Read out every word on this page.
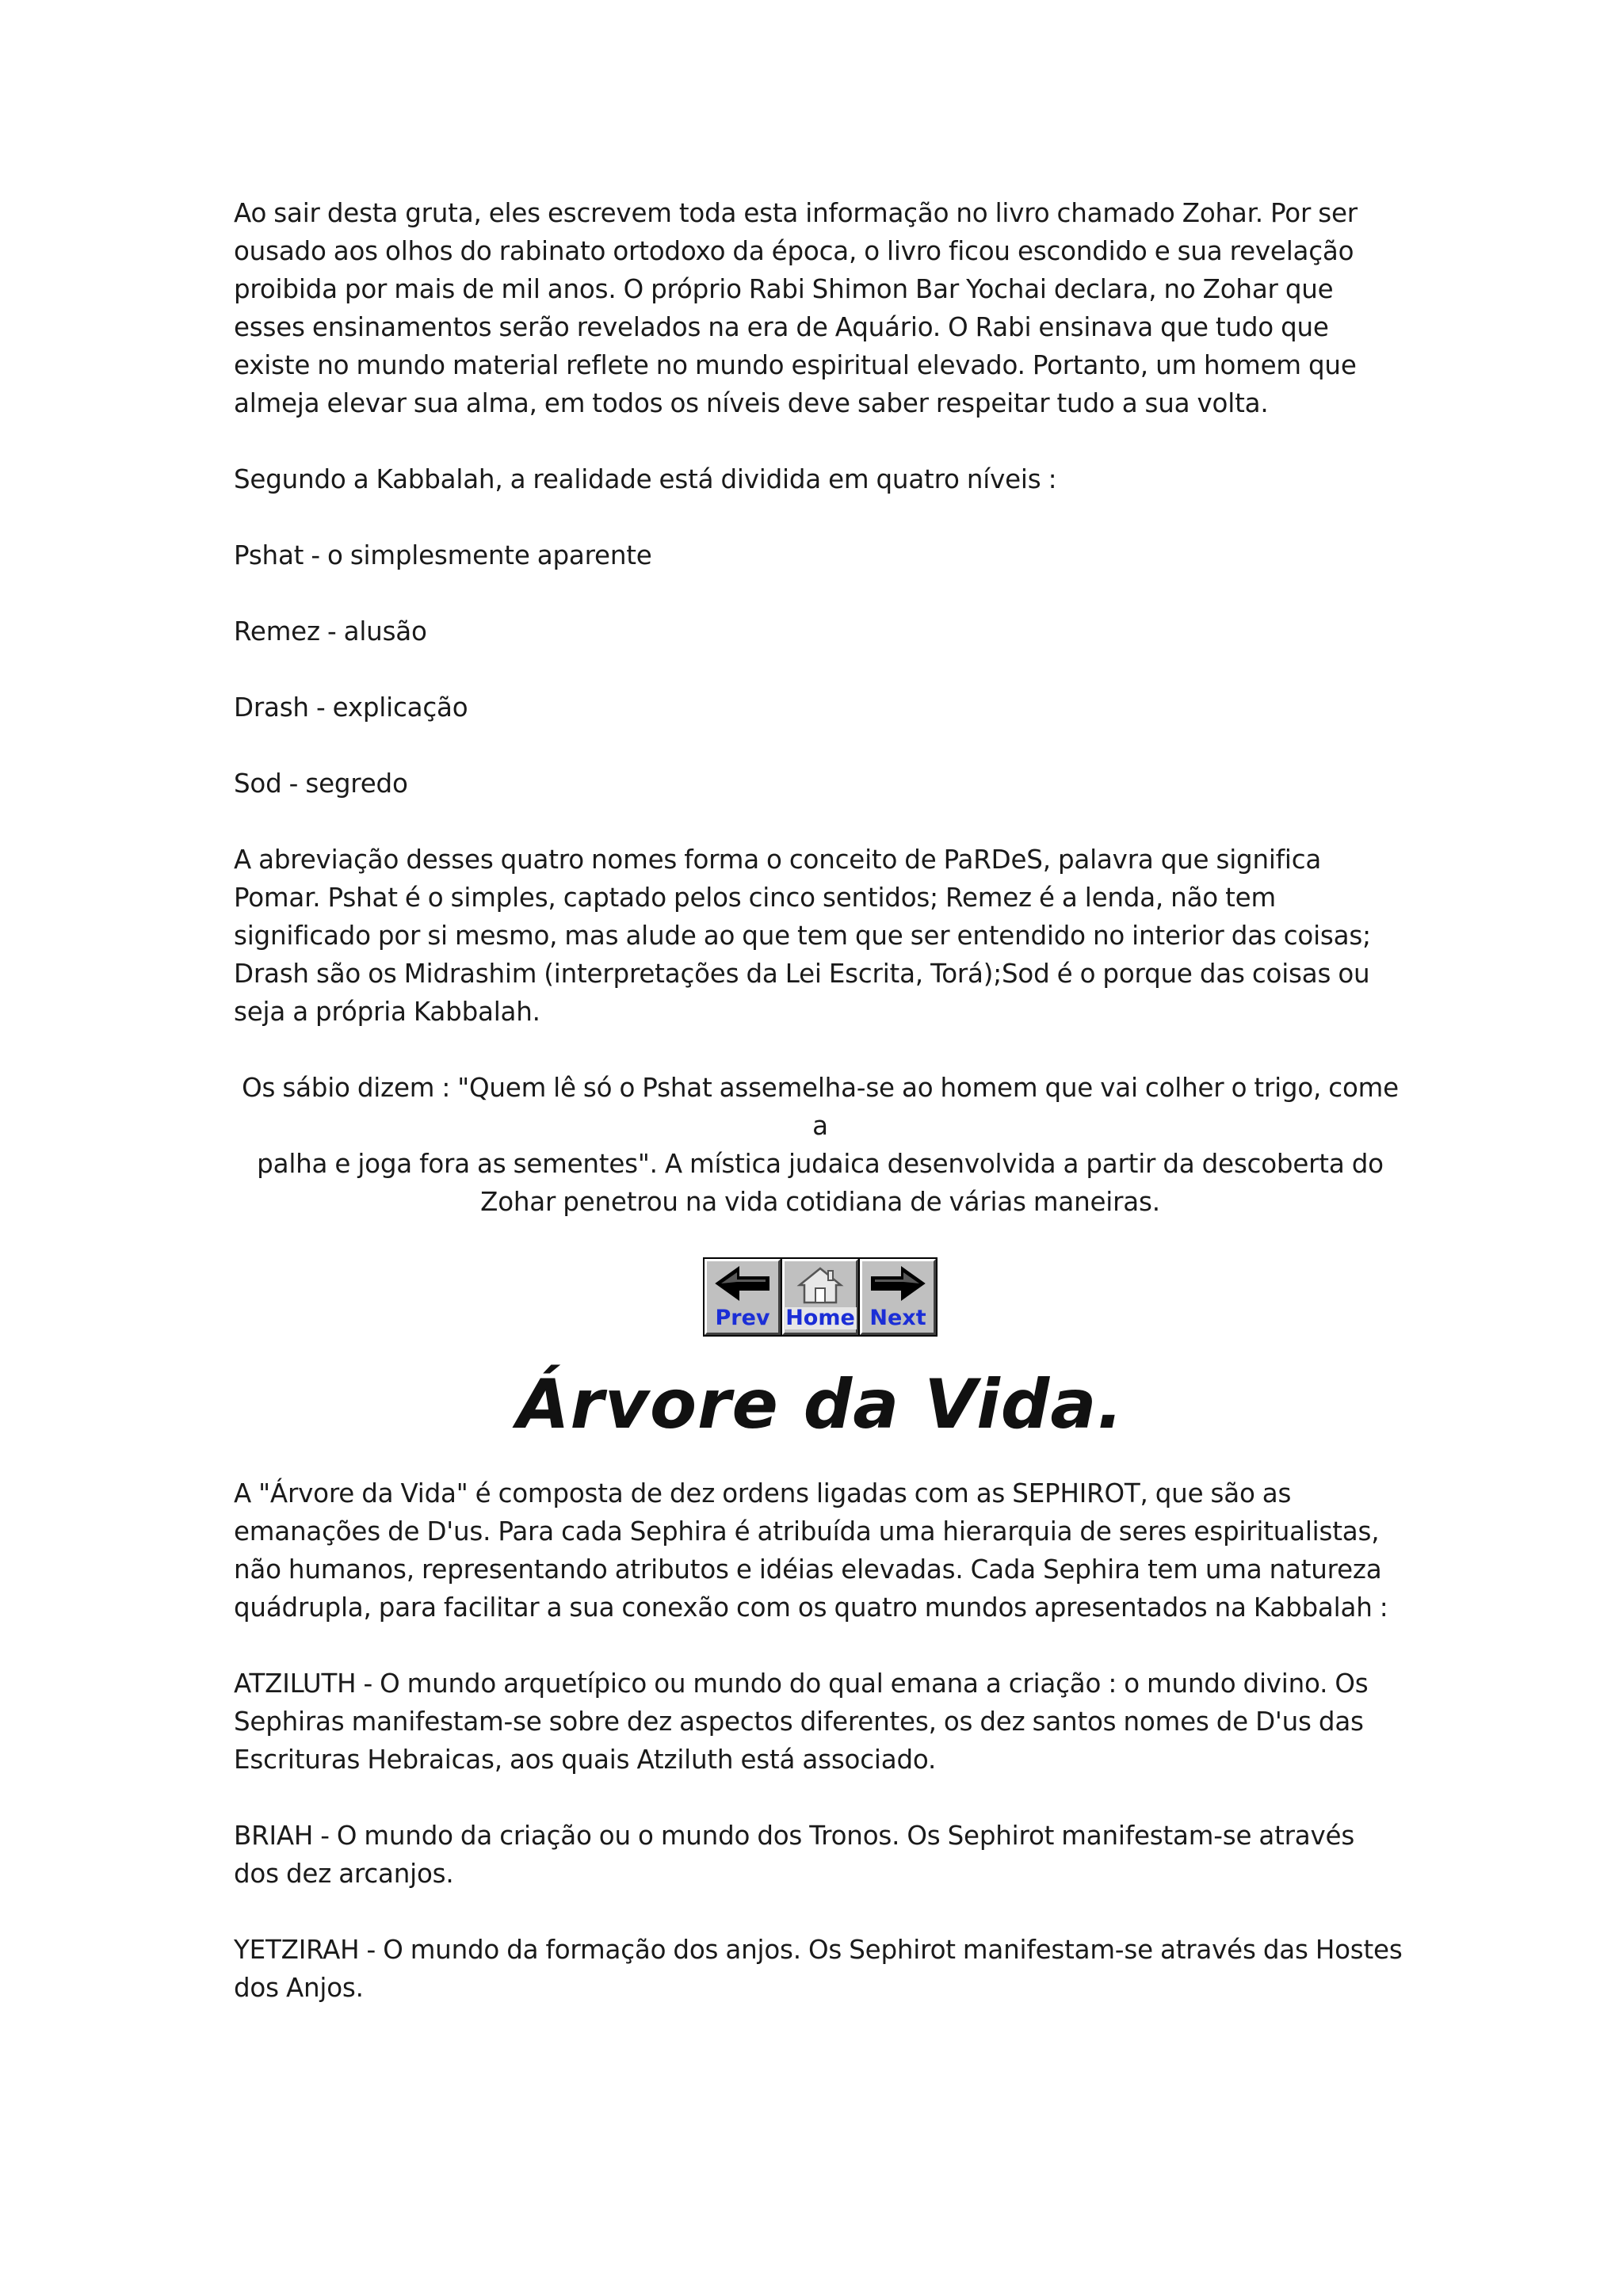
Ao sair desta gruta, eles escrevem toda esta informação no livro chamado Zohar. Por ser ousado aos olhos do rabinato ortodoxo da época, o livro ficou escondido e sua revelação proibida por mais de mil anos. O próprio Rabi Shimon Bar Yochai declara, no Zohar que esses ensinamentos serão revelados na era de Aquário. O Rabi ensinava que tudo que existe no mundo material reflete no mundo espiritual elevado. Portanto, um homem que almeja elevar sua alma, em todos os níveis deve saber respeitar tudo a sua volta.

Segundo a Kabbalah, a realidade está dividida em quatro níveis :

Pshat - o simplesmente aparente

Remez - alusão

Drash - explicação

Sod - segredo

A abreviação desses quatro nomes forma o conceito de PaRDeS, palavra que significa Pomar. Pshat é o simples, captado pelos cinco sentidos; Remez é a lenda, não tem significado por si mesmo, mas alude ao que tem que ser entendido no interior das coisas; Drash são os Midrashim (interpretações da Lei Escrita, Torá);Sod é o porque das coisas ou seja a própria Kabbalah.

Os sábio dizem : "Quem lê só o Pshat assemelha-se ao homem que vai colher o trigo, come a

palha e joga fora as sementes". A mística judaica desenvolvida a partir da descoberta do

Zohar penetrou na vida cotidiana de várias maneiras.

Prev Home Next
Árvore da Vida.

A "Árvore da Vida" é composta de dez ordens ligadas com as SEPHIROT, que são as emanações de D'us. Para cada Sephira é atribuída uma hierarquia de seres espiritualistas, não humanos, representando atributos e idéias elevadas. Cada Sephira tem uma natureza quádrupla, para facilitar a sua conexão com os quatro mundos apresentados na Kabbalah :

ATZILUTH - O mundo arquetípico ou mundo do qual emana a criação : o mundo divino. Os Sephiras manifestam-se sobre dez aspectos diferentes, os dez santos nomes de D'us das Escrituras Hebraicas, aos quais Atziluth está associado.

BRIAH - O mundo da criação ou o mundo dos Tronos. Os Sephirot manifestam-se através dos dez arcanjos.

YETZIRAH - O mundo da formação dos anjos. Os Sephirot manifestam-se através das Hostes dos Anjos.
